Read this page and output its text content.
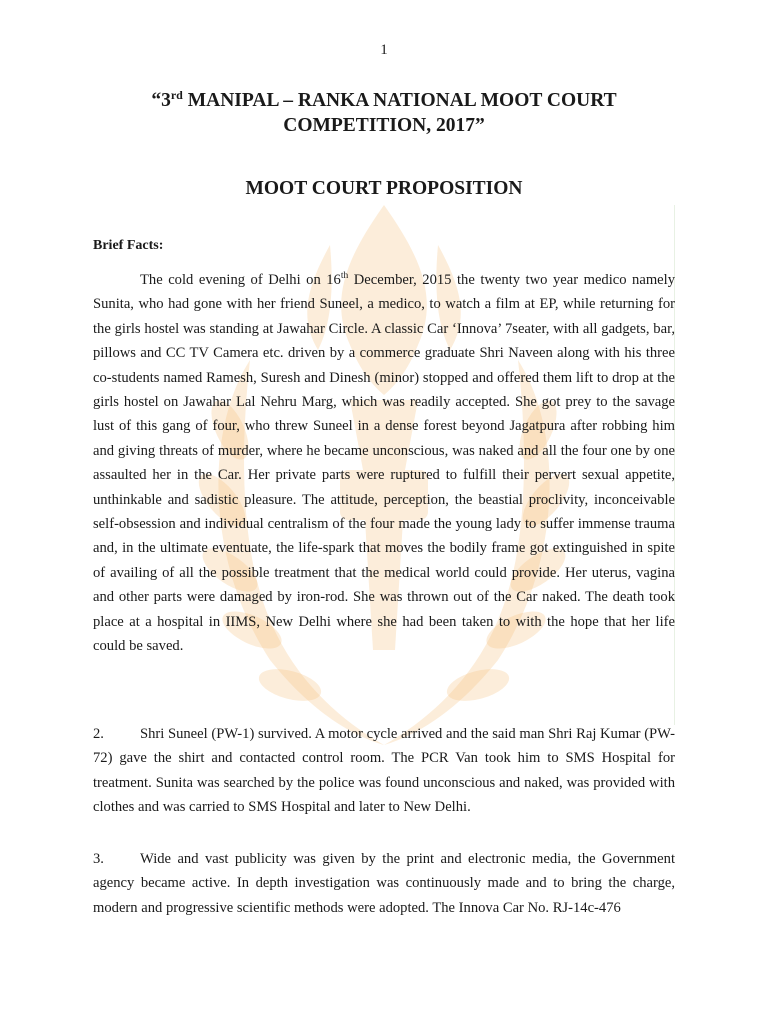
1
“3rd MANIPAL – RANKA NATIONAL MOOT COURT
COMPETITION, 2017”
MOOT COURT PROPOSITION
Brief Facts:
The cold evening of Delhi on 16th December, 2015 the twenty two year medico namely Sunita, who had gone with her friend Suneel, a medico, to watch a film at EP, while returning for the girls hostel was standing at Jawahar Circle. A classic Car ‘Innova’ 7seater, with all gadgets, bar, pillows and CC TV Camera etc. driven by a commerce graduate Shri Naveen along with his three co-students named Ramesh, Suresh and Dinesh (minor) stopped and offered them lift to drop at the girls hostel on Jawahar Lal Nehru Marg, which was readily accepted. She got prey to the savage lust of this gang of four, who threw Suneel in a dense forest beyond Jagatpura after robbing him and giving threats of murder, where he became unconscious, was naked and all the four one by one assaulted her in the Car. Her private parts were ruptured to fulfill their pervert sexual appetite, unthinkable and sadistic pleasure. The attitude, perception, the beastial proclivity, inconceivable self-obsession and individual centralism of the four made the young lady to suffer immense trauma and, in the ultimate eventuate, the life-spark that moves the bodily frame got extinguished in spite of availing of all the possible treatment that the medical world could provide. Her uterus, vagina and other parts were damaged by iron-rod. She was thrown out of the Car naked. The death took place at a hospital in IIMS, New Delhi where she had been taken to with the hope that her life could be saved.
2. Shri Suneel (PW-1) survived. A motor cycle arrived and the said man Shri Raj Kumar (PW-72) gave the shirt and contacted control room. The PCR Van took him to SMS Hospital for treatment. Sunita was searched by the police was found unconscious and naked, was provided with clothes and was carried to SMS Hospital and later to New Delhi.
3. Wide and vast publicity was given by the print and electronic media, the Government agency became active. In depth investigation was continuously made and to bring the charge, modern and progressive scientific methods were adopted. The Innova Car No. RJ-14c-476
